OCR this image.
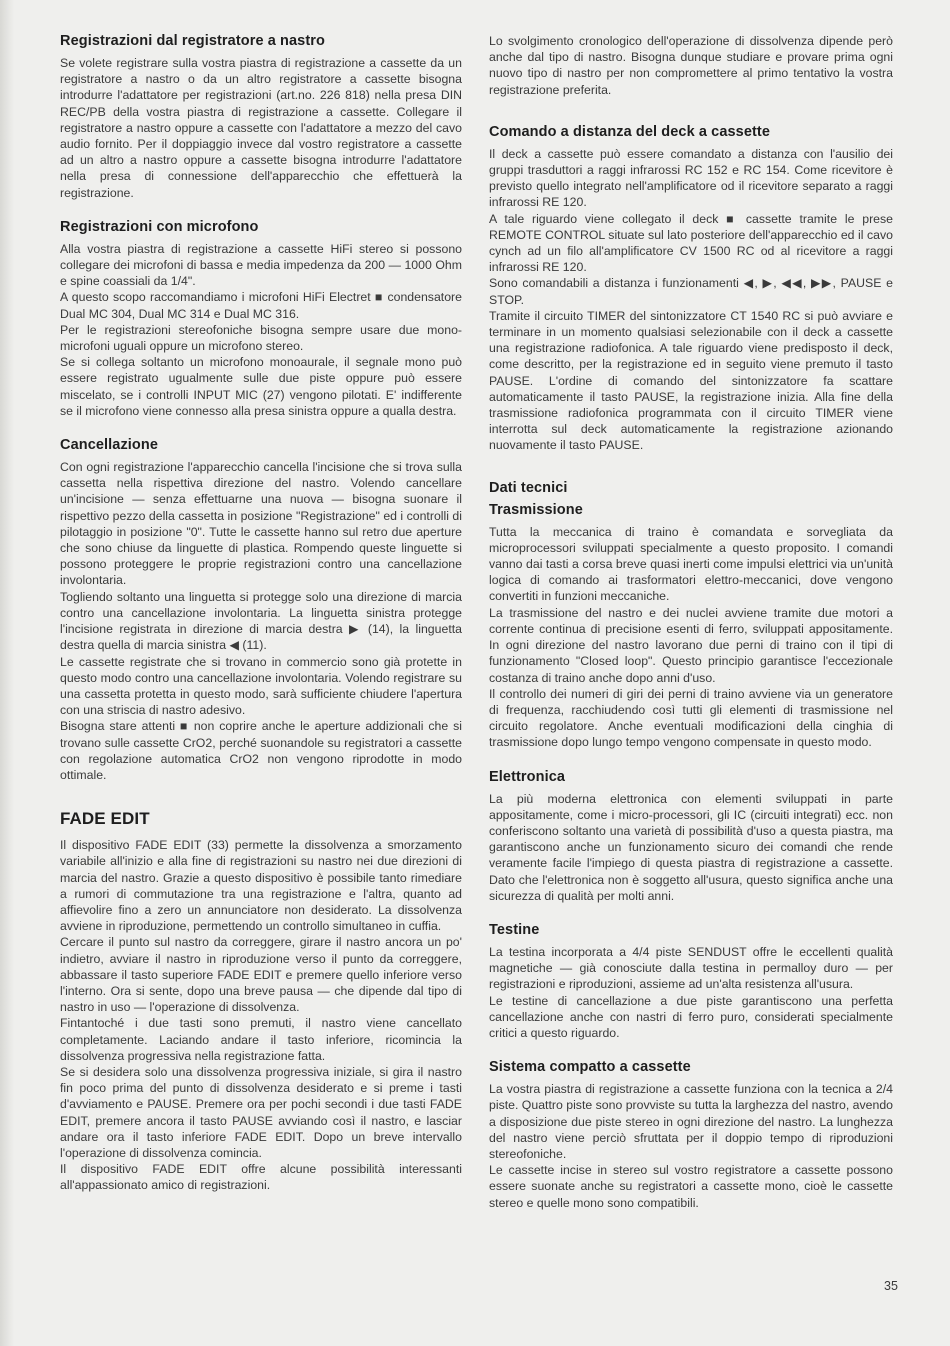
Registrazioni dal registratore a nastro

Se volete registrare sulla vostra piastra di registrazione a cassette da un registratore a nastro o da un altro registratore a cassette bisogna introdurre l'adattatore per registrazioni (art.no. 226 818) nella presa DIN REC/PB della vostra piastra di registrazione a cassette. Collegare il registratore a nastro oppure a cassette con l'adattatore a mezzo del cavo audio fornito. Per il doppiaggio invece dal vostro registratore a cassette ad un altro a nastro oppure a cassette bisogna introdurre l'adattatore nella presa di connessione dell'apparecchio che effettuerà la registrazione.

Registrazioni con microfono

Alla vostra piastra di registrazione a cassette HiFi stereo si possono collegare dei microfoni di bassa e media impedenza da 200 — 1000 Ohm e spine coassiali da 1/4".

A questo scopo raccomandiamo i microfoni HiFi Electret ■ condensatore Dual MC 304, Dual MC 314 e Dual MC 316.

Per le registrazioni stereofoniche bisogna sempre usare due mono-microfoni uguali oppure un microfono stereo.

Se si collega soltanto un microfono monoaurale, il segnale mono può essere registrato ugualmente sulle due piste oppure può essere miscelato, se i controlli INPUT MIC (27) vengono pilotati. E' indifferente se il microfono viene connesso alla presa sinistra oppure a qualla destra.

Cancellazione

Con ogni registrazione l'apparecchio cancella l'incisione che si trova sulla cassetta nella rispettiva direzione del nastro. Volendo cancellare un'incisione — senza effettuarne una nuova — bisogna suonare il rispettivo pezzo della cassetta in posizione "Registrazione" ed i controlli di pilotaggio in posizione "0". Tutte le cassette hanno sul retro due aperture che sono chiuse da linguette di plastica. Rompendo queste linguette si possono proteggere le proprie registrazioni contro una cancellazione involontaria.

Togliendo soltanto una linguetta si protegge solo una direzione di marcia contro una cancellazione involontaria. La linguetta sinistra protegge l'incisione registrata in direzione di marcia destra ▶ (14), la linguetta destra quella di marcia sinistra ◀ (11).

Le cassette registrate che si trovano in commercio sono già protette in questo modo contro una cancellazione involontaria. Volendo registrare su una cassetta protetta in questo modo, sarà sufficiente chiudere l'apertura con una striscia di nastro adesivo.

Bisogna stare attenti ■ non coprire anche le aperture addizionali che si trovano sulle cassette CrO2, perché suonandole su registratori a cassette con regolazione automatica CrO2 non vengono riprodotte in modo ottimale.

FADE EDIT

Il dispositivo FADE EDIT (33) permette la dissolvenza a smorzamento variabile all'inizio e alla fine di registrazioni su nastro nei due direzioni di marcia del nastro. Grazie a questo dispositivo è possibile tanto rimediare a rumori di commutazione tra una registrazione e l'altra, quanto ad affievolire fino a zero un annunciatore non desiderato. La dissolvenza avviene in riproduzione, permettendo un controllo simultaneo in cuffia.

Cercare il punto sul nastro da correggere, girare il nastro ancora un po' indietro, avviare il nastro in riproduzione verso il punto da correggere, abbassare il tasto superiore FADE EDIT e premere quello inferiore verso l'interno. Ora si sente, dopo una breve pausa — che dipende dal tipo di nastro in uso — l'operazione di dissolvenza.

Fintantoché i due tasti sono premuti, il nastro viene cancellato completamente. Laciando andare il tasto inferiore, ricomincia la dissolvenza progressiva nella registrazione fatta.

Se si desidera solo una dissolvenza progressiva iniziale, si gira il nastro fin poco prima del punto di dissolvenza desiderato e si preme i tasti d'avviamento e PAUSE. Premere ora per pochi secondi i due tasti FADE EDIT, premere ancora il tasto PAUSE avviando così il nastro, e lasciar andare ora il tasto inferiore FADE EDIT. Dopo un breve intervallo l'operazione di dissolvenza comincia.

Il dispositivo FADE EDIT offre alcune possibilità interessanti all'appassionato amico di registrazioni.

Lo svolgimento cronologico dell'operazione di dissolvenza dipende però anche dal tipo di nastro. Bisogna dunque studiare e provare prima ogni nuovo tipo di nastro per non compromettere al primo tentativo la vostra registrazione preferita.

Comando a distanza del deck a cassette

Il deck a cassette può essere comandato a distanza con l'ausilio dei gruppi trasduttori a raggi infrarossi RC 152 e RC 154. Come ricevitore è previsto quello integrato nell'amplificatore od il ricevitore separato a raggi infrarossi RE 120.

A tale riguardo viene collegato il deck ■ cassette tramite le prese REMOTE CONTROL situate sul lato posteriore dell'apparecchio ed il cavo cynch ad un filo all'amplificatore CV 1500 RC od al ricevitore a raggi infrarossi RE 120.

Sono comandabili a distanza i funzionamenti ◀, ▶, ◀◀, ▶▶, PAUSE e STOP.

Tramite il circuito TIMER del sintonizzatore CT 1540 RC si può avviare e terminare in un momento qualsiasi selezionabile con il deck a cassette una registrazione radiofonica. A tale riguardo viene predisposto il deck, come descritto, per la registrazione ed in seguito viene premuto il tasto PAUSE. L'ordine di comando del sintonizzatore fa scattare automaticamente il tasto PAUSE, la registrazione inizia. Alla fine della trasmissione radiofonica programmata con il circuito TIMER viene interrotta sul deck automaticamente la registrazione azionando nuovamente il tasto PAUSE.

Dati tecnici
Trasmissione

Tutta la meccanica di traino è comandata e sorvegliata da microprocessori sviluppati specialmente a questo proposito. I comandi vanno dai tasti a corsa breve quasi inerti come impulsi elettrici via un'unità logica di comando ai trasformatori elettro-meccanici, dove vengono convertiti in funzioni meccaniche.

La trasmissione del nastro e dei nuclei avviene tramite due motori a corrente continua di precisione esenti di ferro, sviluppati appositamente. In ogni direzione del nastro lavorano due perni di traino con il tipi di funzionamento "Closed loop". Questo principio garantisce l'eccezionale costanza di traino anche dopo anni d'uso.

Il controllo dei numeri di giri dei perni di traino avviene via un generatore di frequenza, racchiudendo così tutti gli elementi di trasmissione nel circuito regolatore. Anche eventuali modificazioni della cinghia di trasmissione dopo lungo tempo vengono compensate in questo modo.

Elettronica

La più moderna elettronica con elementi sviluppati in parte appositamente, come i micro-processori, gli IC (circuiti integrati) ecc. non conferiscono soltanto una varietà di possibilità d'uso a questa piastra, ma garantiscono anche un funzionamento sicuro dei comandi che rende veramente facile l'impiego di questa piastra di registrazione a cassette. Dato che l'elettronica non è soggetto all'usura, questo significa anche una sicurezza di qualità per molti anni.

Testine

La testina incorporata a 4/4 piste SENDUST offre le eccellenti qualità magnetiche — già conosciute dalla testina in permalloy duro — per registrazioni e riproduzioni, assieme ad un'alta resistenza all'usura.

Le testine di cancellazione a due piste garantiscono una perfetta cancellazione anche con nastri di ferro puro, considerati specialmente critici a questo riguardo.

Sistema compatto a cassette

La vostra piastra di registrazione a cassette funziona con la tecnica a 2/4 piste. Quattro piste sono provviste su tutta la larghezza del nastro, avendo a disposizione due piste stereo in ogni direzione del nastro. La lunghezza del nastro viene perciò sfruttata per il doppio tempo di riproduzioni stereofoniche.

Le cassette incise in stereo sul vostro registratore a cassette possono essere suonate anche su registratori a cassette mono, cioè le cassette stereo e quelle mono sono compatibili.

35
